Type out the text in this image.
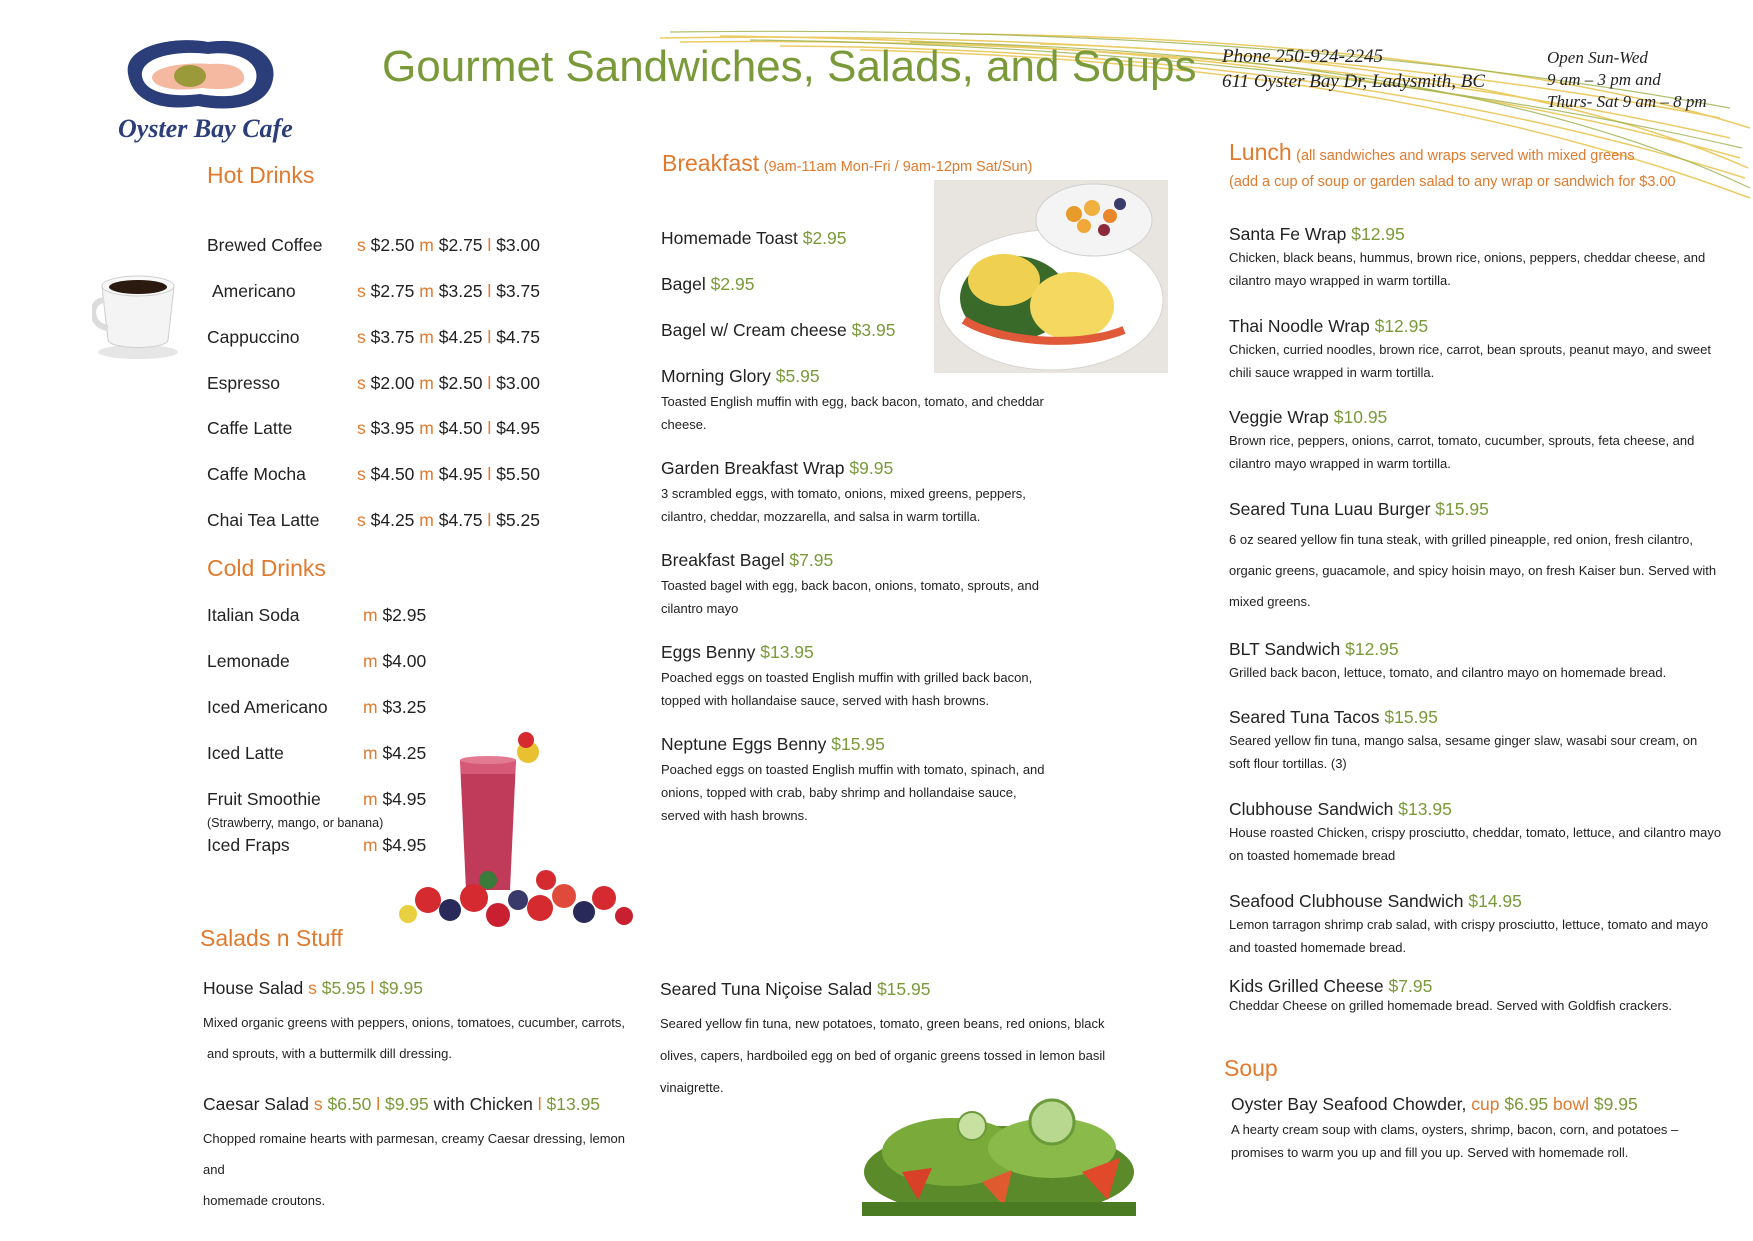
Oyster Bay Cafe
Gourmet Sandwiches, Salads, and Soups Phone 250-924-2245
611 Oyster Bay Dr, Ladysmith, BC
Open Sun-Wed
9 am – 3 pm and
Thurs- Sat 9 am – 8 pm
Hot Drinks
Brewed Coffee s $2.50 m $2.75 l $3.00
Americano	s $2.75 m $3.25 l $3.75
Cappuccino	s $3.75 m $4.25 l $4.75
Espresso	s $2.00 m $2.50 l $3.00
Caffe Latte	s $3.95 m $4.50 l $4.95
Caffe Mocha	s $4.50 m $4.95 l $5.50
Chai Tea Latte s $4.25 m $4.75 l $5.25
Cold Drinks
Italian Soda	m $2.95
Lemonade	m $4.00
Iced Americano m $3.25
Iced Latte	m $4.25
Fruit Smoothie m $4.95
(Strawberry, mango, or banana)
Iced Fraps	m $4.95
Salads n Stuff
House Salad s $5.95 l $9.95
Mixed organic greens with peppers, onions, tomatoes, cucumber, carrots,
and sprouts, with a buttermilk dill dressing.
Caesar Salad s $6.50 l $9.95 with Chicken l $13.95
Chopped romaine hearts with parmesan, creamy Caesar dressing, lemon
and
homemade croutons.
Seared Tuna Niçoise Salad $15.95
Seared yellow fin tuna, new potatoes, tomato, green beans, red onions, black
olives, capers, hardboiled egg on bed of organic greens tossed in lemon basil
vinaigrette.
Breakfast (9am-11am Mon-Fri / 9am-12pm Sat/Sun)
Homemade Toast $2.95
Bagel $2.95
Bagel w/ Cream cheese $3.95
Morning Glory $5.95
Toasted English muffin with egg, back bacon, tomato, and cheddar
cheese.
Garden Breakfast Wrap $9.95
3 scrambled eggs, with tomato, onions, mixed greens, peppers,
cilantro, cheddar, mozzarella, and salsa in warm tortilla.
Breakfast Bagel $7.95
Toasted bagel with egg, back bacon, onions, tomato, sprouts, and
cilantro mayo
Eggs Benny $13.95
Poached eggs on toasted English muffin with grilled back bacon,
topped with hollandaise sauce, served with hash browns.
Neptune Eggs Benny $15.95
Poached eggs on toasted English muffin with tomato, spinach, and
onions, topped with crab, baby shrimp and hollandaise sauce,
served with hash browns.
Lunch (all sandwiches and wraps served with mixed greens
(add a cup of soup or garden salad to any wrap or sandwich for $3.00
Santa Fe Wrap $12.95
Chicken, black beans, hummus, brown rice, onions, peppers, cheddar cheese, and
cilantro mayo wrapped in warm tortilla.
Thai Noodle Wrap $12.95
Chicken, curried noodles, brown rice, carrot, bean sprouts, peanut mayo, and sweet
chili sauce wrapped in warm tortilla.
Veggie Wrap $10.95
Brown rice, peppers, onions, carrot, tomato, cucumber, sprouts, feta cheese, and
cilantro mayo wrapped in warm tortilla.
Seared Tuna Luau Burger $15.95
6 oz seared yellow fin tuna steak, with grilled pineapple, red onion, fresh cilantro,
organic greens, guacamole, and spicy hoisin mayo, on fresh Kaiser bun. Served with
mixed greens.
BLT Sandwich $12.95
Grilled back bacon, lettuce, tomato, and cilantro mayo on homemade bread.
Seared Tuna Tacos $15.95
Seared yellow fin tuna, mango salsa, sesame ginger slaw, wasabi sour cream, on
soft flour tortillas. (3)
Clubhouse Sandwich $13.95
House roasted Chicken, crispy prosciutto, cheddar, tomato, lettuce, and cilantro mayo
on toasted homemade bread
Seafood Clubhouse Sandwich $14.95
Lemon tarragon shrimp crab salad, with crispy prosciutto, lettuce, tomato and mayo
and toasted homemade bread.
Kids Grilled Cheese $7.95
Cheddar Cheese on grilled homemade bread. Served with Goldfish crackers.
Soup
Oyster Bay Seafood Chowder, cup $6.95 bowl $9.95
A hearty cream soup with clams, oysters, shrimp, bacon, corn, and potatoes –
promises to warm you up and fill you up. Served with homemade roll.
